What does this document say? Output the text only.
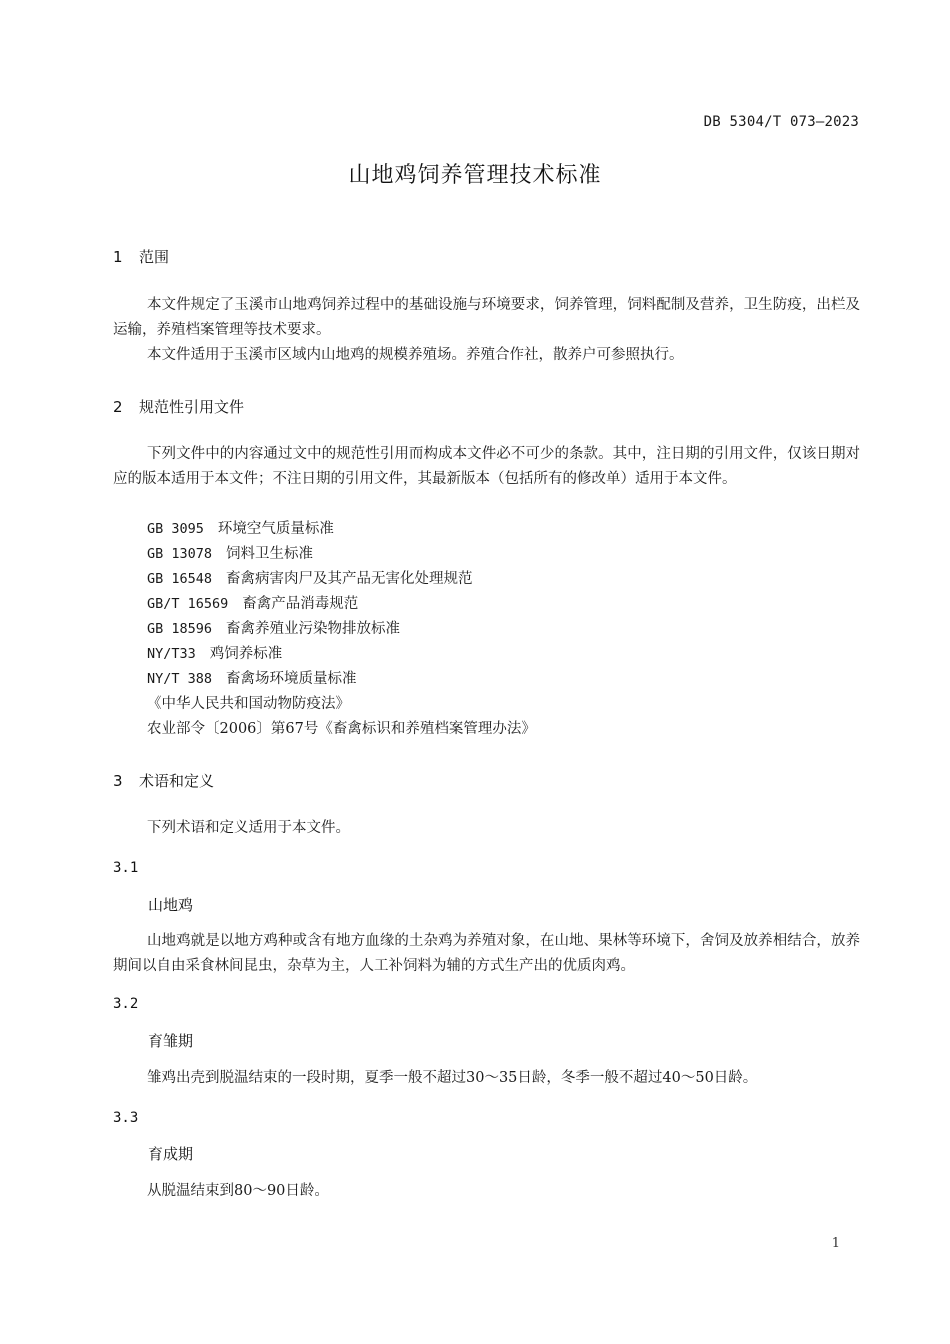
DB 5304/T 073—2023
山地鸡饲养管理技术标准
1 范围

本文件规定了玉溪市山地鸡饲养过程中的基础设施与环境要求，饲养管理，饲料配制及营养，卫生防疫，出栏及运输，养殖档案管理等技术要求。

本文件适用于玉溪市区域内山地鸡的规模养殖场。养殖合作社，散养户可参照执行。

2 规范性引用文件

下列文件中的内容通过文中的规范性引用而构成本文件必不可少的条款。其中，注日期的引用文件，仅该日期对应的版本适用于本文件；不注日期的引用文件，其最新版本（包括所有的修改单）适用于本文件。

GB 3095 环境空气质量标准
GB 13078 饲料卫生标准
GB 16548 畜禽病害肉尸及其产品无害化处理规范
GB/T 16569 畜禽产品消毒规范
GB 18596 畜禽养殖业污染物排放标准
NY/T33 鸡饲养标准
NY/T 388 畜禽场环境质量标准
《中华人民共和国动物防疫法》
农业部令〔2006〕第67号《畜禽标识和养殖档案管理办法》
3 术语和定义

下列术语和定义适用于本文件。

3.1
山地鸡

山地鸡就是以地方鸡种或含有地方血缘的土杂鸡为养殖对象，在山地、果林等环境下，舍饲及放养相结合，放养期间以自由采食林间昆虫，杂草为主，人工补饲料为辅的方式生产出的优质肉鸡。

3.2
育雏期

雏鸡出壳到脱温结束的一段时期，夏季一般不超过30～35日龄，冬季一般不超过40～50日龄。

3.3
育成期

从脱温结束到80～90日龄。

1
